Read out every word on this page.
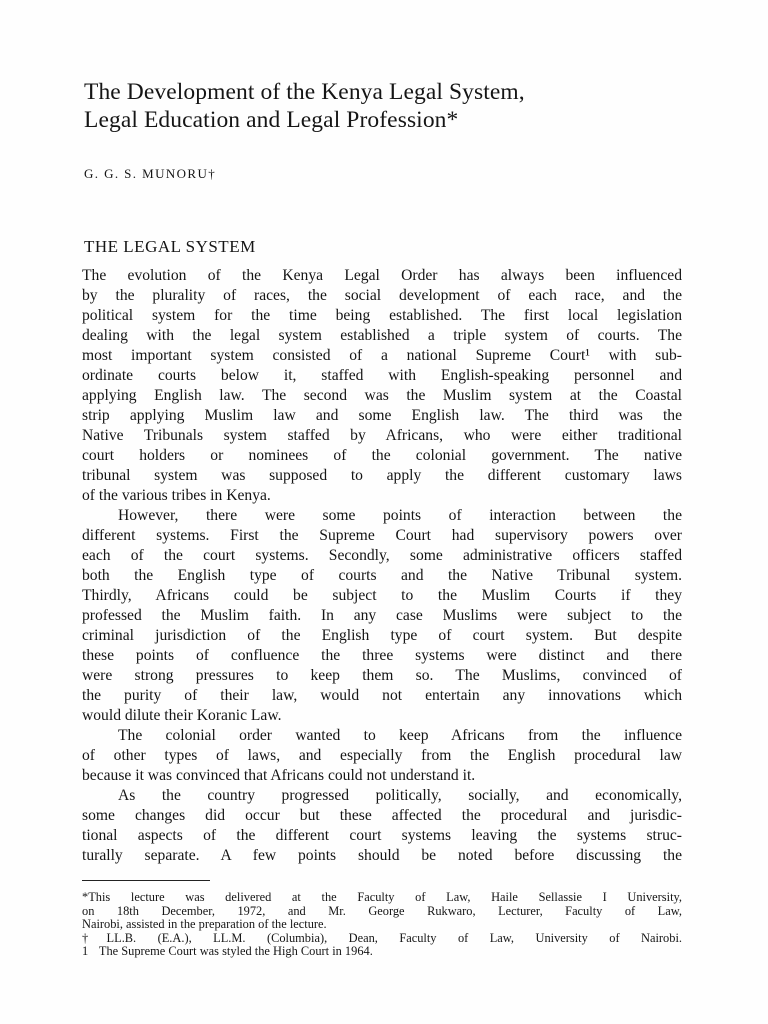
The Development of the Kenya Legal System,
Legal Education and Legal Profession*
G. G. S. MUNORU†
THE LEGAL SYSTEM
The evolution of the Kenya Legal Order has always been influenced
by the plurality of races, the social development of each race, and the
political system for the time being established. The first local legislation
dealing with the legal system established a triple system of courts. The
most important system consisted of a national Supreme Court¹ with sub-
ordinate courts below it, staffed with English-speaking personnel and
applying English law. The second was the Muslim system at the Coastal
strip applying Muslim law and some English law. The third was the
Native Tribunals system staffed by Africans, who were either traditional
court holders or nominees of the colonial government. The native
tribunal system was supposed to apply the different customary laws
of the various tribes in Kenya.
However, there were some points of interaction between the
different systems. First the Supreme Court had supervisory powers over
each of the court systems. Secondly, some administrative officers staffed
both the English type of courts and the Native Tribunal system.
Thirdly, Africans could be subject to the Muslim Courts if they
professed the Muslim faith. In any case Muslims were subject to the
criminal jurisdiction of the English type of court system. But despite
these points of confluence the three systems were distinct and there
were strong pressures to keep them so. The Muslims, convinced of
the purity of their law, would not entertain any innovations which
would dilute their Koranic Law.
The colonial order wanted to keep Africans from the influence
of other types of laws, and especially from the English procedural law
because it was convinced that Africans could not understand it.
As the country progressed politically, socially, and economically,
some changes did occur but these affected the procedural and jurisdic-
tional aspects of the different court systems leaving the systems struc-
turally separate. A few points should be noted before discussing the
*This lecture was delivered at the Faculty of Law, Haile Sellassie I University,
on 18th December, 1972, and Mr. George Rukwaro, Lecturer, Faculty of Law,
Nairobi, assisted in the preparation of the lecture.
†LL.B. (E.A.), LL.M. (Columbia), Dean, Faculty of Law, University of Nairobi.
1 The Supreme Court was styled the High Court in 1964.
